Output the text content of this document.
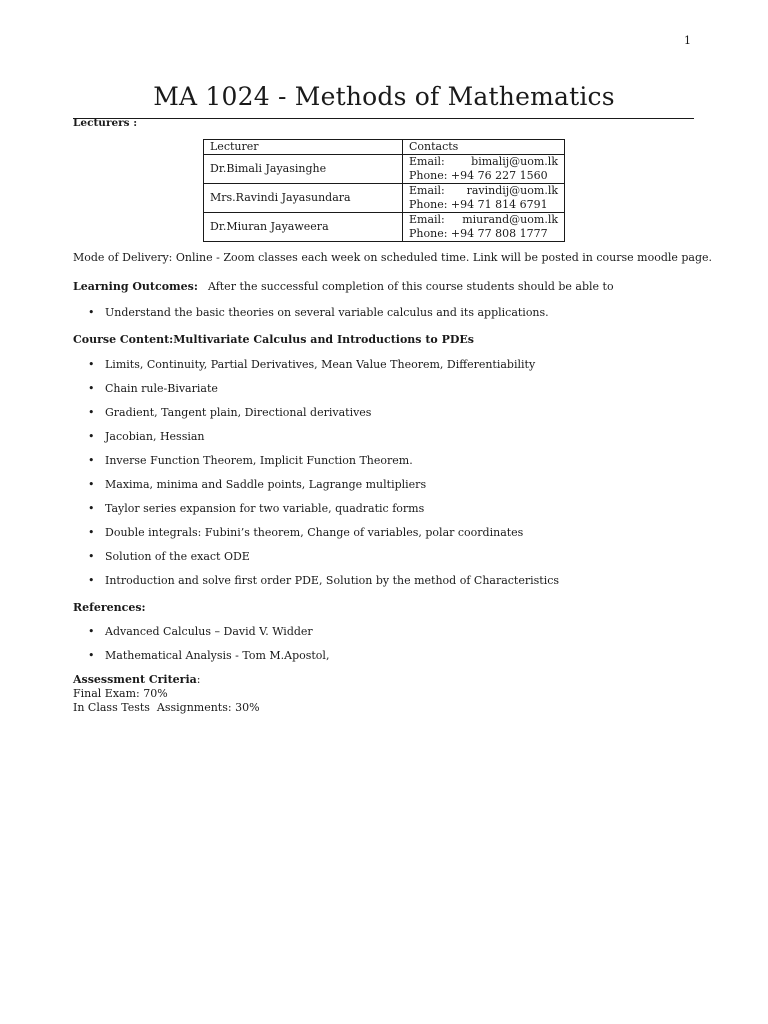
1
MA 1024 - Methods of Mathematics
Lecturers :
Lecturer	Contacts
Dr.Bimali Jayasinghe	Email: bimalij@uom.lk
Phone: +94 76 227 1560

Mrs.Ravindi Jayasundara	Email: ravindij@uom.lk
Phone: +94 71 814 6791

Dr.Miuran Jayaweera	Email: miurand@uom.lk
Phone: +94 77 808 1777
Mode of Delivery: Online - Zoom classes each week on scheduled time. Link will be posted in course moodle page.
Learning Outcomes: After the successful completion of this course students should be able to
• Understand the basic theories on several variable calculus and its applications.
Course Content:Multivariate Calculus and Introductions to PDEs
• Limits, Continuity, Partial Derivatives, Mean Value Theorem, Differentiability
• Chain rule-Bivariate
• Gradient, Tangent plain, Directional derivatives
• Jacobian, Hessian
• Inverse Function Theorem, Implicit Function Theorem.
• Maxima, minima and Saddle points, Lagrange multipliers
• Taylor series expansion for two variable, quadratic forms
• Double integrals: Fubini’s theorem, Change of variables, polar coordinates
• Solution of the exact ODE
• Introduction and solve first order PDE, Solution by the method of Characteristics
References:
• Advanced Calculus – David V. Widder
• Mathematical Analysis - Tom M.Apostol,
Assessment Criteria:
Final Exam: 70%
In Class Tests  Assignments: 30%
